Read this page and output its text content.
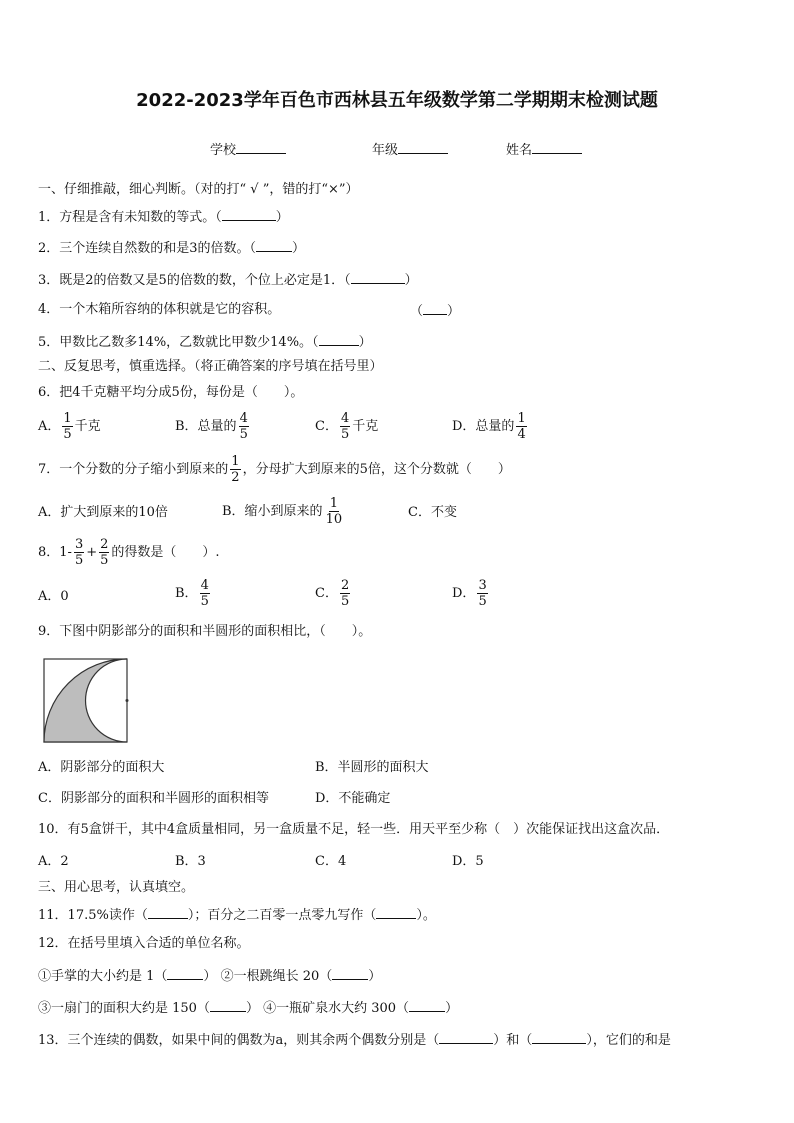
2022-2023学年百色市西林县五年级数学第二学期期末检测试题
学校	年级	姓名
一、仔细推敲，细心判断。（对的打“ √ ”，错的打“×”）
1．方程是含有未知数的等式。（	）
2．三个连续自然数的和是3的倍数。（	）
3．既是2的倍数又是5的倍数的数，个位上必定是1．（	）
4．一个木箱所容纳的体积就是它的容积。	（ ）
5．甲数比乙数多14%，乙数就比甲数少14%。（	）
二、反复思考，慎重选择。（将正确答案的序号填在括号里）
6．把4千克糖平均分成5份，每份是（　　）。
A． $\frac{1}{5}$ 千克	B．总量的 $\frac{4}{5}$	C． $\frac{4}{5}$ 千克	D．总量的 $\frac{1}{4}$
7．一个分数的分子缩小到原来的 $\frac{1}{2}$ ，分母扩大到原来的5倍，这个分数就（　　）
A．扩大到原来的10倍	B．缩小到原来的 $\frac{1}{10}$	C．不变
8．$1- \frac{3}{5} + \frac{2}{5}$ 的得数是（　　）.
A．0	B． $\frac{4}{5}$	C． $\frac{2}{5}$	D． $\frac{3}{5}$
9．下图中阴影部分的面积和半圆形的面积相比，（　　）。
A．阴影部分的面积大	B．半圆形的面积大
C．阴影部分的面积和半圆形的面积相等	D．不能确定
10．有5盒饼干，其中4盒质量相同，另一盒质量不足，轻一些．用天平至少称（　）次能保证找出这盒次品．
A．2	B．3	C．4	D．5
三、用心思考，认真填空。
11．17.5%读作（	）；百分之二百零一点零九写作（	）。
12．在括号里填入合适的单位名称。
①手掌的大小约是 1（	） ②一根跳绳长 20（	）
③一扇门的面积大约是 150（	） ④一瓶矿泉水大约 300（	）
13．三个连续的偶数，如果中间的偶数为a，则其余两个偶数分别是（	）和（	），它们的和是
